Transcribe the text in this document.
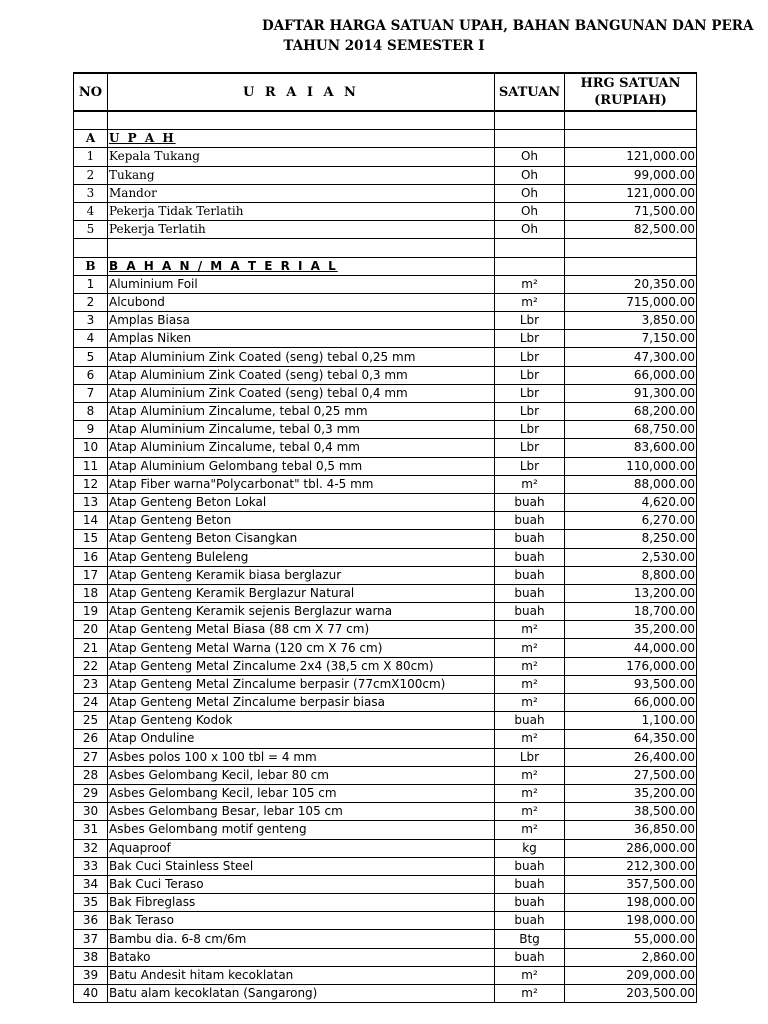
DAFTAR HARGA SATUAN UPAH, BAHAN BANGUNAN DAN PERA
TAHUN 2014 SEMESTER I
NO	U R A I A N	SATUAN	HRG SATUAN
(RUPIAH)

A	U P A H		
1	Kepala Tukang	Oh	121,000.00
2	Tukang	Oh	99,000.00
3	Mandor	Oh	121,000.00
4	Pekerja Tidak Terlatih	Oh	71,500.00
5	Pekerja Terlatih	Oh	82,500.00

B	B A H A N / M A T E R I A L		
1	Aluminium Foil	m²	20,350.00
2	Alcubond	m²	715,000.00
3	Amplas Biasa	Lbr	3,850.00
4	Amplas Niken	Lbr	7,150.00
5	Atap Aluminium Zink Coated (seng) tebal 0,25 mm	Lbr	47,300.00
6	Atap Aluminium Zink Coated (seng) tebal 0,3 mm	Lbr	66,000.00
7	Atap Aluminium Zink Coated (seng) tebal 0,4 mm	Lbr	91,300.00
8	Atap Aluminium Zincalume, tebal 0,25 mm	Lbr	68,200.00
9	Atap Aluminium Zincalume, tebal 0,3 mm	Lbr	68,750.00
10	Atap Aluminium Zincalume, tebal 0,4 mm	Lbr	83,600.00
11	Atap Aluminium Gelombang tebal 0,5 mm	Lbr	110,000.00
12	Atap Fiber warna"Polycarbonat" tbl. 4-5 mm	m²	88,000.00
13	Atap Genteng Beton Lokal	buah	4,620.00
14	Atap Genteng Beton	buah	6,270.00
15	Atap Genteng Beton Cisangkan	buah	8,250.00
16	Atap Genteng Buleleng	buah	2,530.00
17	Atap Genteng Keramik biasa berglazur	buah	8,800.00
18	Atap Genteng Keramik Berglazur Natural	buah	13,200.00
19	Atap Genteng Keramik sejenis Berglazur warna	buah	18,700.00
20	Atap Genteng Metal Biasa (88 cm X 77 cm)	m²	35,200.00
21	Atap Genteng Metal Warna (120 cm X 76 cm)	m²	44,000.00
22	Atap Genteng Metal Zincalume 2x4 (38,5 cm X 80cm)	m²	176,000.00
23	Atap Genteng Metal Zincalume berpasir (77cmX100cm)	m²	93,500.00
24	Atap Genteng Metal Zincalume berpasir biasa	m²	66,000.00
25	Atap Genteng Kodok	buah	1,100.00
26	Atap Onduline	m²	64,350.00
27	Asbes polos 100 x 100 tbl = 4 mm	Lbr	26,400.00
28	Asbes Gelombang Kecil, lebar 80 cm	m²	27,500.00
29	Asbes Gelombang Kecil, lebar 105 cm	m²	35,200.00
30	Asbes Gelombang Besar, lebar 105 cm	m²	38,500.00
31	Asbes Gelombang motif genteng	m²	36,850.00
32	Aquaproof	kg	286,000.00
33	Bak Cuci Stainless Steel	buah	212,300.00
34	Bak Cuci Teraso	buah	357,500.00
35	Bak Fibreglass	buah	198,000.00
36	Bak Teraso	buah	198,000.00
37	Bambu dia. 6-8 cm/6m	Btg	55,000.00
38	Batako	buah	2,860.00
39	Batu Andesit hitam kecoklatan	m²	209,000.00
40	Batu alam kecoklatan (Sangarong)	m²	203,500.00
